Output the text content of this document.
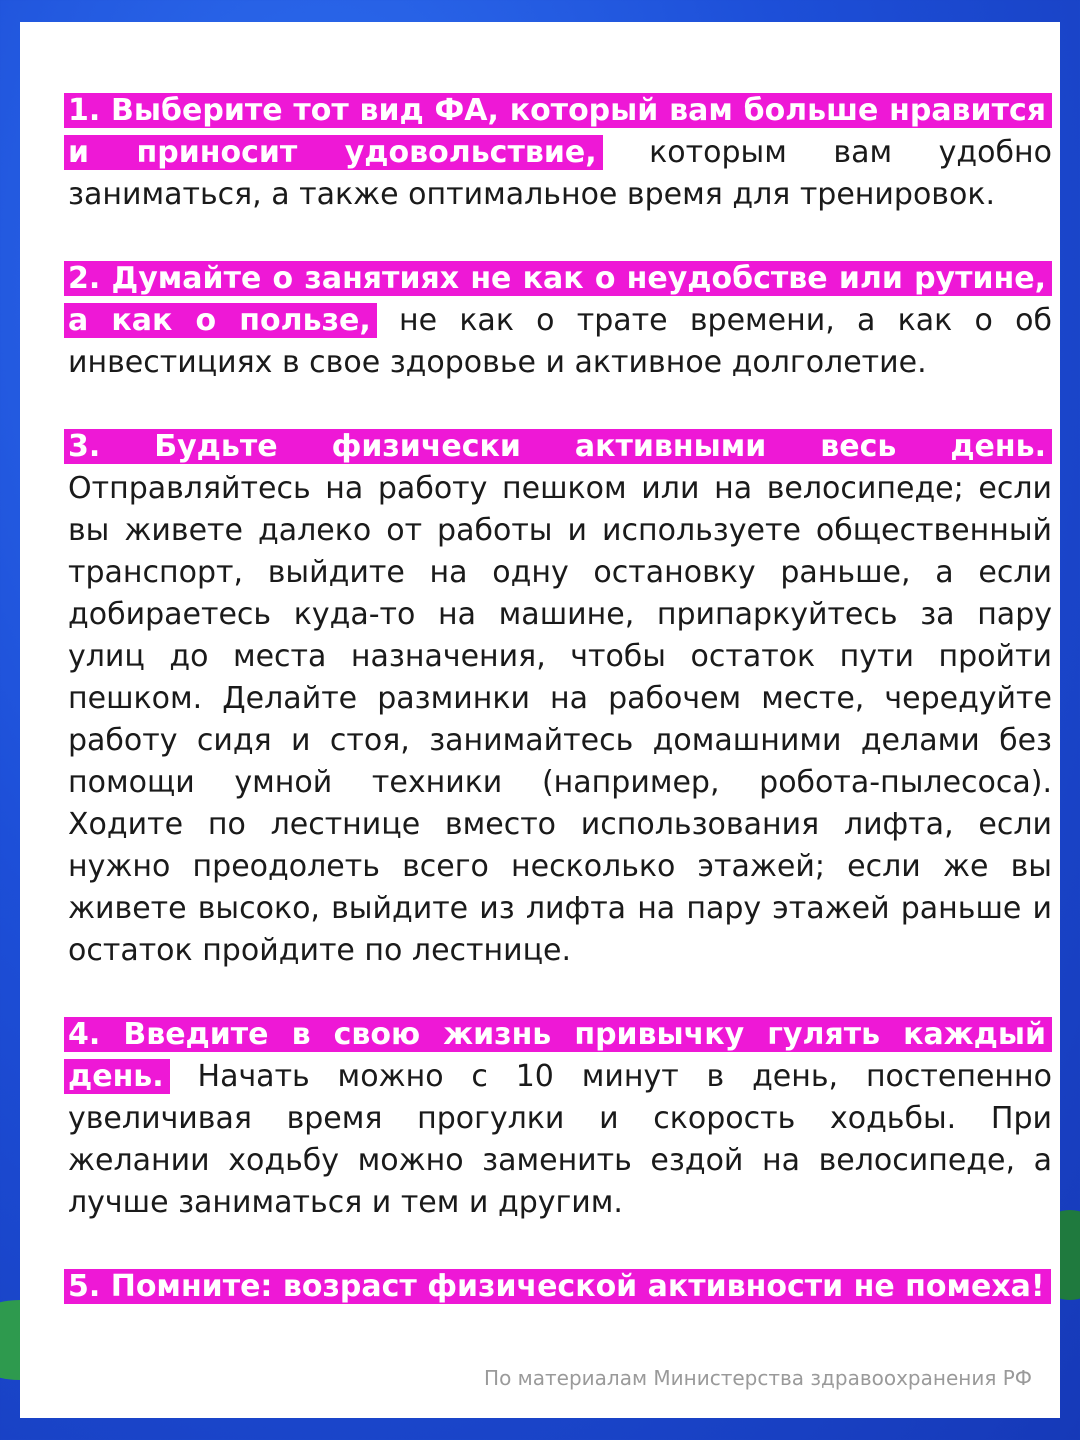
1. Выберите тот вид ФА, который вам больше нравится и приносит удовольствие, которым вам удобно заниматься, а также оптимальное время для тренировок.

2. Думайте о занятиях не как о неудобстве или рутине, а как о пользе, не как о трате времени, а как о об инвестициях в свое здоровье и активное долголетие.

3. Будьте физически активными весь день. Отправляйтесь на работу пешком или на велосипеде; если вы живете далеко от работы и используете общественный транспорт, выйдите на одну остановку раньше, а если добираетесь куда-то на машине, припаркуйтесь за пару улиц до места назначения, чтобы остаток пути пройти пешком. Делайте разминки на рабочем месте, чередуйте работу сидя и стоя, занимайтесь домашними делами без помощи умной техники (например, робота-пылесоса). Ходите по лестнице вместо использования лифта, если нужно преодолеть всего несколько этажей; если же вы живете высоко, выйдите из лифта на пару этажей раньше и остаток пройдите по лестнице.

4. Введите в свою жизнь привычку гулять каждый день. Начать можно с 10 минут в день, постепенно увеличивая время прогулки и скорость ходьбы. При желании ходьбу можно заменить ездой на велосипеде, а лучше заниматься и тем и другим.

5. Помните: возраст физической активности не помеха!

По материалам Министерства здравоохранения РФ
